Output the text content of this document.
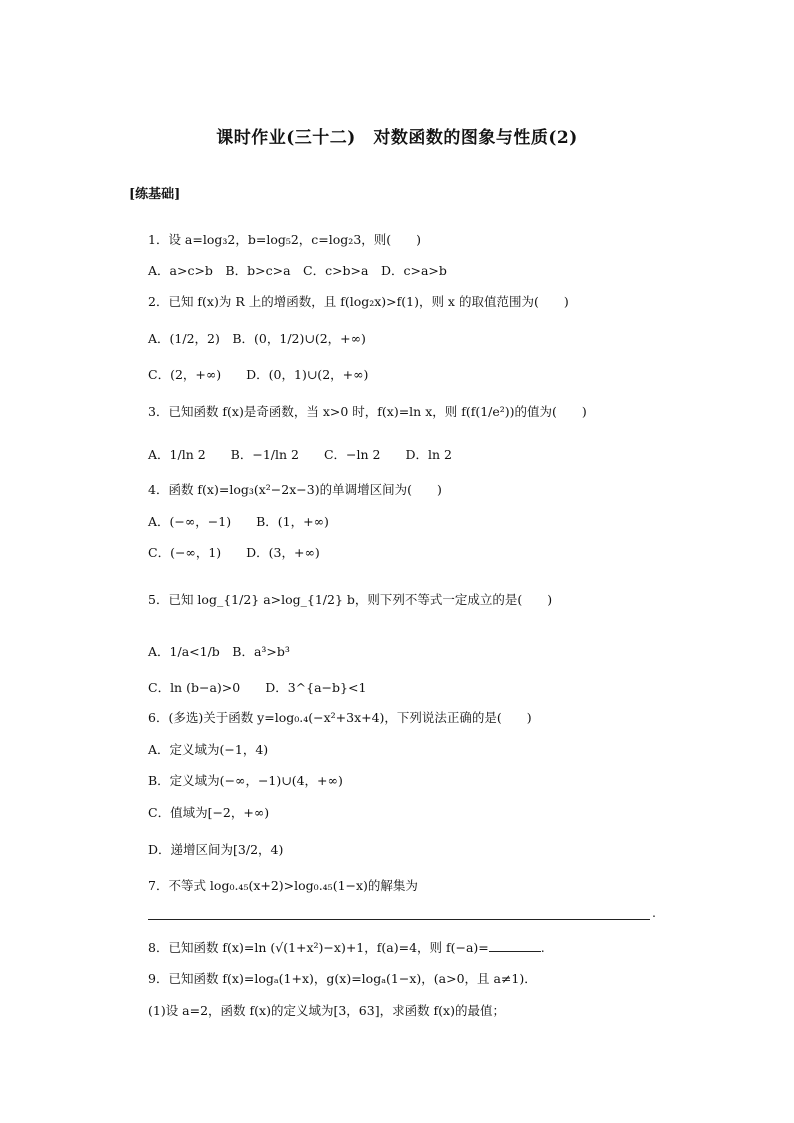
课时作业(三十二)　对数函数的图象与性质(2)
[练基础]
1．设 a=log₃2，b=log₅2，c=log₂3，则(　　)
A．a>c>b　B．b>c>a　C．c>b>a　D．c>a>b
2．已知 f(x)为 R 上的增函数，且 f(log₂x)>f(1)，则 x 的取值范围为(　　)
A．(1/2，2)　B．(0，1/2)∪(2，+∞)
C．(2，+∞)　　D．(0，1)∪(2，+∞)
3．已知函数 f(x)是奇函数，当 x>0 时，f(x)=ln x，则 f(f(1/e²))的值为(　　)
A．1/ln 2　　B．−1/ln 2　　C．−ln 2　　D．ln 2
4．函数 f(x)=log₃(x²−2x−3)的单调增区间为(　　)
A．(−∞，−1)　　B．(1，+∞)
C．(−∞，1)　　D．(3，+∞)
5．已知 log_{1/2} a>log_{1/2} b，则下列不等式一定成立的是(　　)
A．1/a<1/b　B．a³>b³
C．ln (b−a)>0　　D．3^{a−b}<1
6．(多选)关于函数 y=log₀.₄(−x²+3x+4)，下列说法正确的是(　　)
A．定义域为(−1，4)
B．定义域为(−∞，−1)∪(4，+∞)
C．值域为[−2，+∞)
D．递增区间为[3/2，4)
7．不等式 log₀.₄₅(x+2)>log₀.₄₅(1−x)的解集为
.
8．已知函数 f(x)=ln (√(1+x²)−x)+1，f(a)=4，则 f(−a)=	.
9．已知函数 f(x)=logₐ(1+x)，g(x)=logₐ(1−x)，(a>0，且 a≠1)．
(1)设 a=2，函数 f(x)的定义域为[3，63]，求函数 f(x)的最值；
